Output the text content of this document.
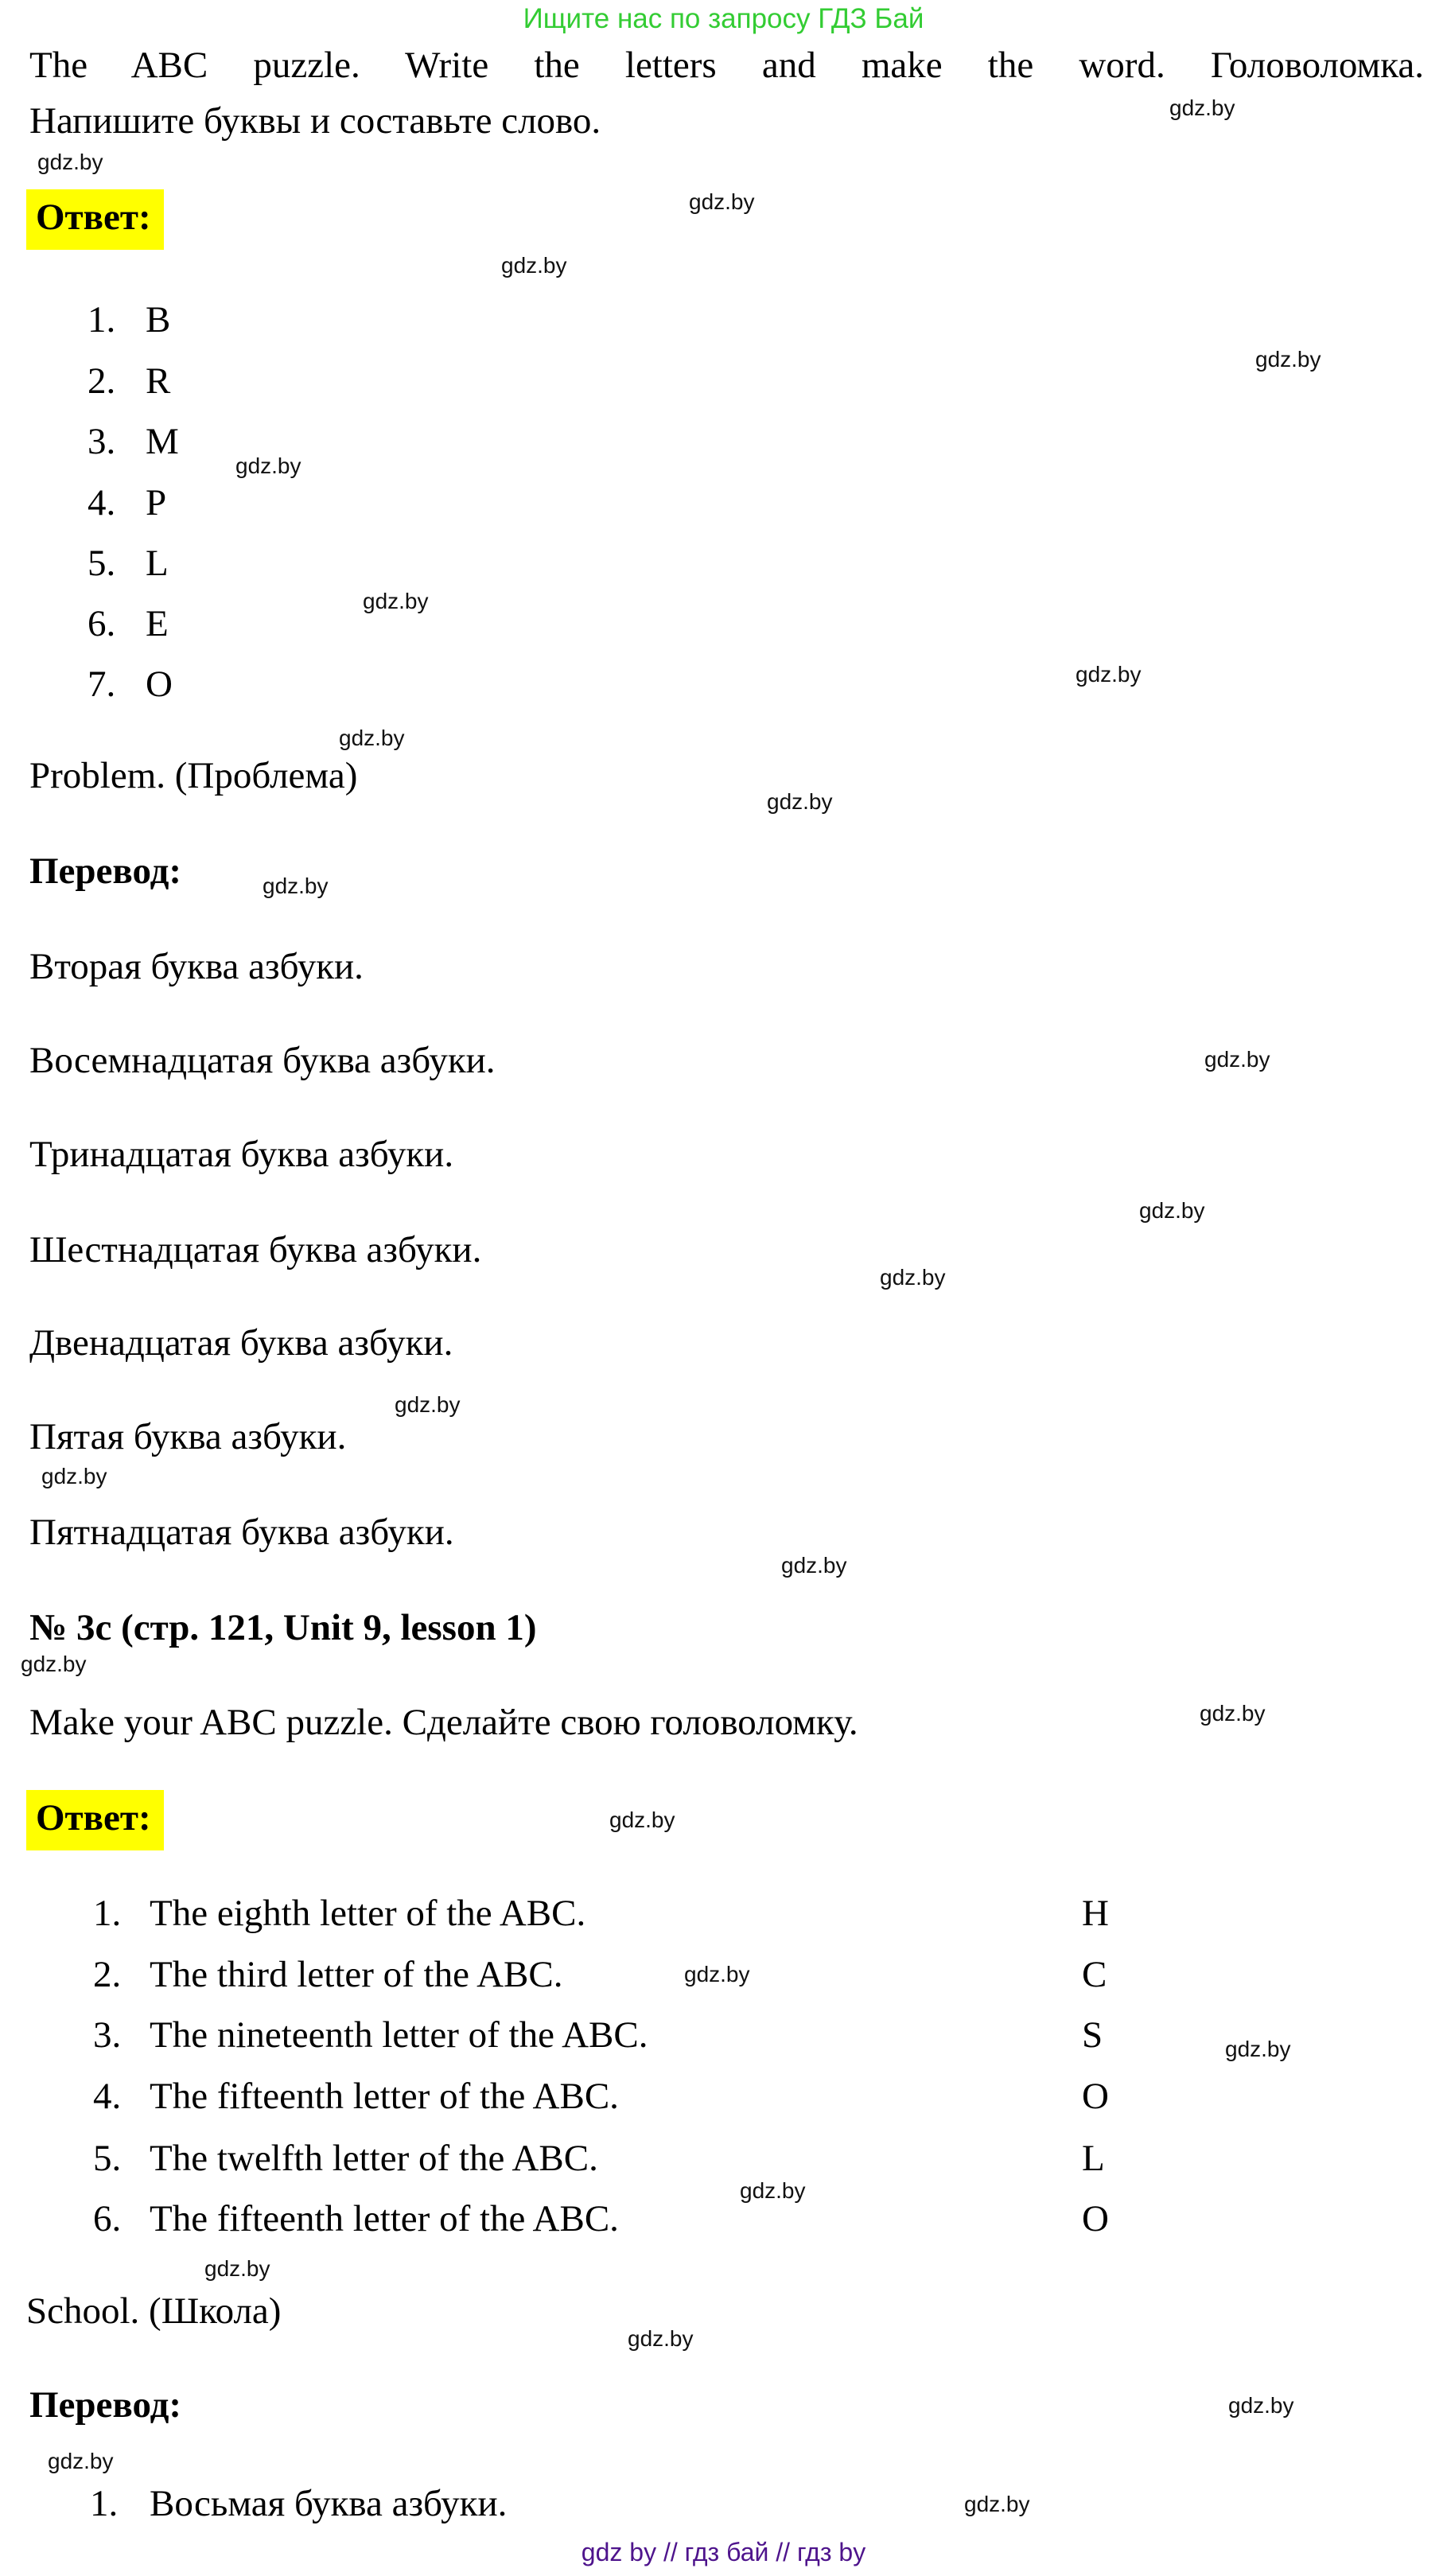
Ищите нас по запросу ГДЗ Бай
The ABC puzzle. Write the letters and make the word. Головоломка.
Напишите буквы и составьте слово.
Ответ:
1. B
2. R
3. M
4. P
5. L
6. E
7. O
Problem. (Проблема)
Перевод:
Вторая буква азбуки.
Восемнадцатая буква азбуки.
Тринадцатая буква азбуки.
Шестнадцатая буква азбуки.
Двенадцатая буква азбуки.
Пятая буква азбуки.
Пятнадцатая буква азбуки.
№ 3c (стр. 121, Unit 9, lesson 1)
Make your ABC puzzle. Сделайте свою головоломку.
Ответ:
1. The eighth letter of the ABC.	H
2. The third letter of the ABC.	C
3. The nineteenth letter of the ABC.	S
4. The fifteenth letter of the ABC.	O
5. The twelfth letter of the ABC.	L
6. The fifteenth letter of the ABC.	O
School. (Школа)
Перевод:
1. Восьмая буква азбуки.
gdz by // гдз бай // гдз by
gdz.by
gdz.by
gdz.by
gdz.by
gdz.by
gdz.by
gdz.by
gdz.by
gdz.by
gdz.by
gdz.by
gdz.by
gdz.by
gdz.by
gdz.by
gdz.by
gdz.by
gdz.by
gdz.by
gdz.by
gdz.by
gdz.by
gdz.by
gdz.by
gdz.by
gdz.by
gdz.by
gdz.by
